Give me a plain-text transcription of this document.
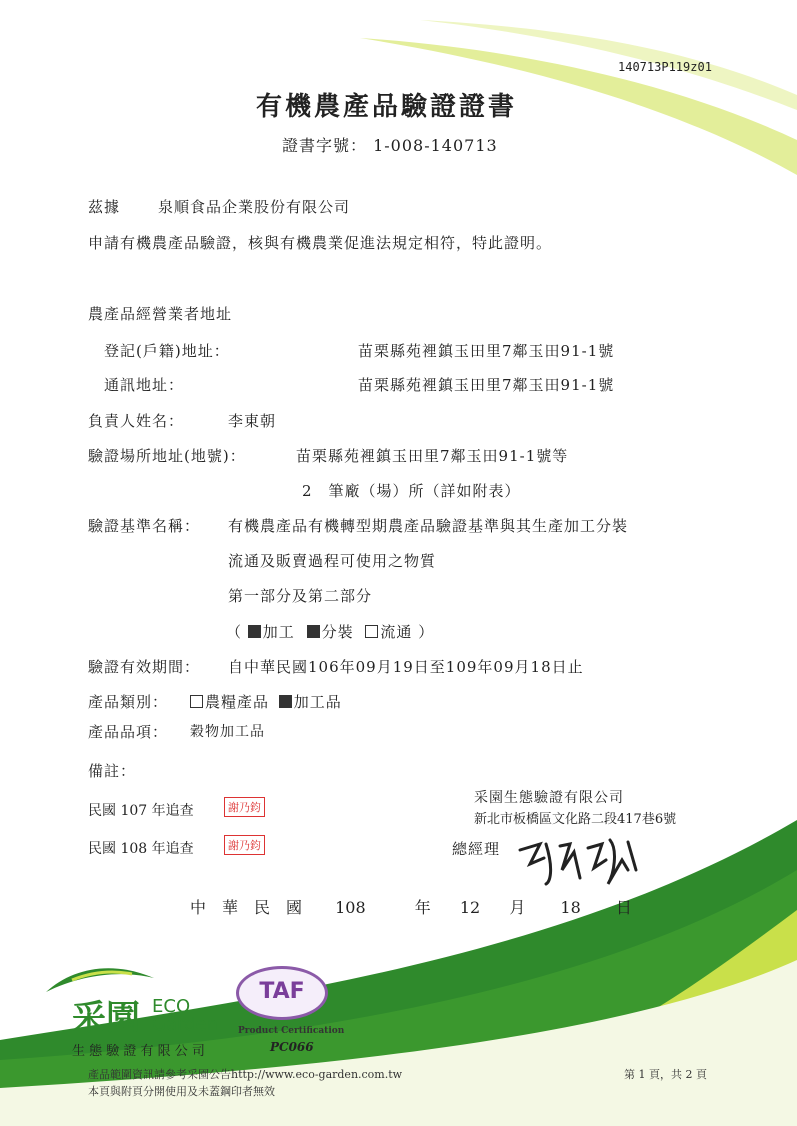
140713P119z01
有機農產品驗證證書
證書字號： 1-008-140713
茲據	泉順食品企業股份有限公司
申請有機農產品驗證，核與有機農業促進法規定相符，特此證明。
農產品經營業者地址
登記(戶籍)地址：	苗栗縣苑裡鎮玉田里7鄰玉田91-1號
通訊地址：	苗栗縣苑裡鎮玉田里7鄰玉田91-1號
負責人姓名：	李東朝
驗證場所地址(地號)：	苗栗縣苑裡鎮玉田里7鄰玉田91-1號等
2　筆廠（場）所（詳如附表）
驗證基準名稱： 有機農產品有機轉型期農產品驗證基準與其生產加工分裝
流通及販賣過程可使用之物質
第一部分及第二部分
（ 加工 分裝 流通 ）
驗證有效期間： 自中華民國106年09月19日至109年09月18日止
產品類別：	農糧產品 加工品
產品品項： 穀物加工品
備註：
民國 107 年追查	謝乃鈞
民國 108 年追查	謝乃鈞
采園生態驗證有限公司
新北市板橋區文化路二段417巷6號
總經理
中　華　民　國 108	年 12 月 18 日
采園 ECO
Garden
生 態 驗 證 有 限 公 司
TAF
Product Certification
PC066
產品範圍資訊請參考采園公告http://www.eco-garden.com.tw
本頁與附頁分開使用及未蓋鋼印者無效
第 1 頁，共 2 頁
